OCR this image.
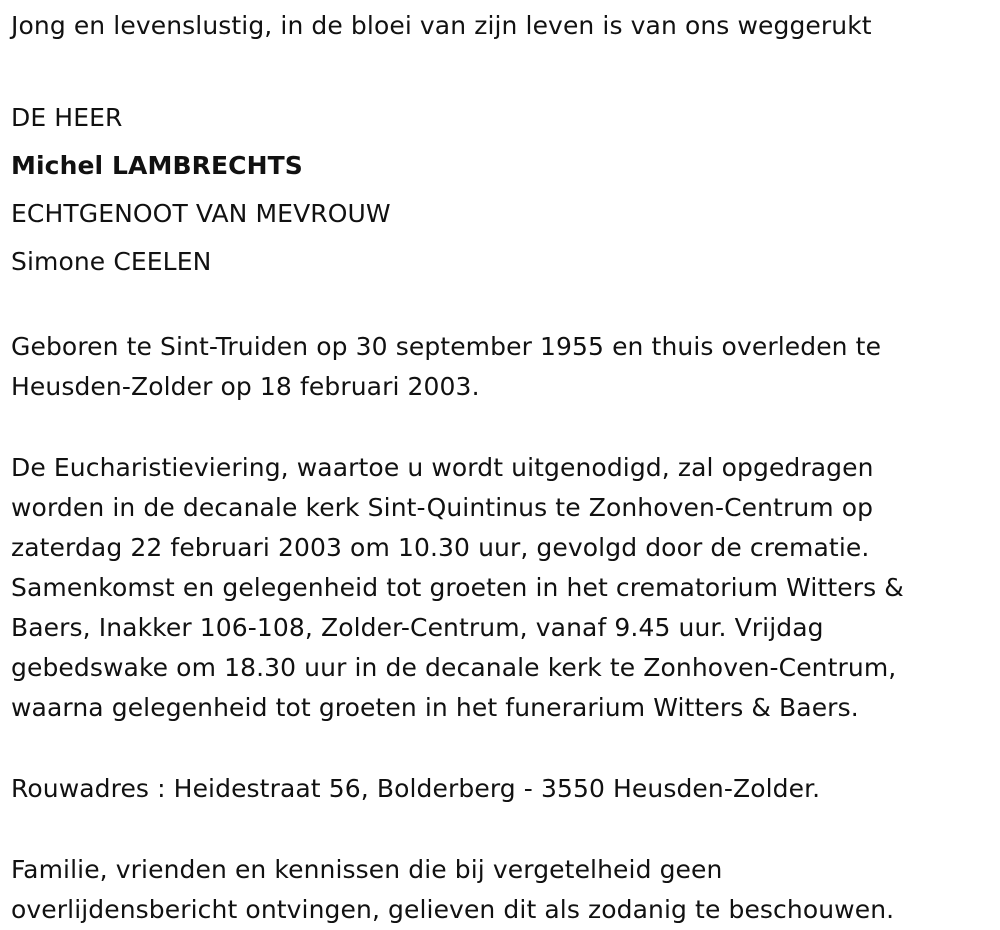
Jong en levenslustig, in de bloei van zijn leven is van ons weggerukt

DE HEER

Michel LAMBRECHTS

ECHTGENOOT VAN MEVROUW

Simone CEELEN

Geboren te Sint-Truiden op 30 september 1955 en thuis overleden te

Heusden-Zolder op 18 februari 2003.

De Eucharistieviering, waartoe u wordt uitgenodigd, zal opgedragen

worden in de decanale kerk Sint-Quintinus te Zonhoven-Centrum op

zaterdag 22 februari 2003 om 10.30 uur, gevolgd door de crematie.

Samenkomst en gelegenheid tot groeten in het crematorium Witters &

Baers, Inakker 106-108, Zolder-Centrum, vanaf 9.45 uur. Vrijdag

gebedswake om 18.30 uur in de decanale kerk te Zonhoven-Centrum,

waarna gelegenheid tot groeten in het funerarium Witters & Baers.

Rouwadres : Heidestraat 56, Bolderberg - 3550 Heusden-Zolder.

Familie, vrienden en kennissen die bij vergetelheid geen

overlijdensbericht ontvingen, gelieven dit als zodanig te beschouwen.
